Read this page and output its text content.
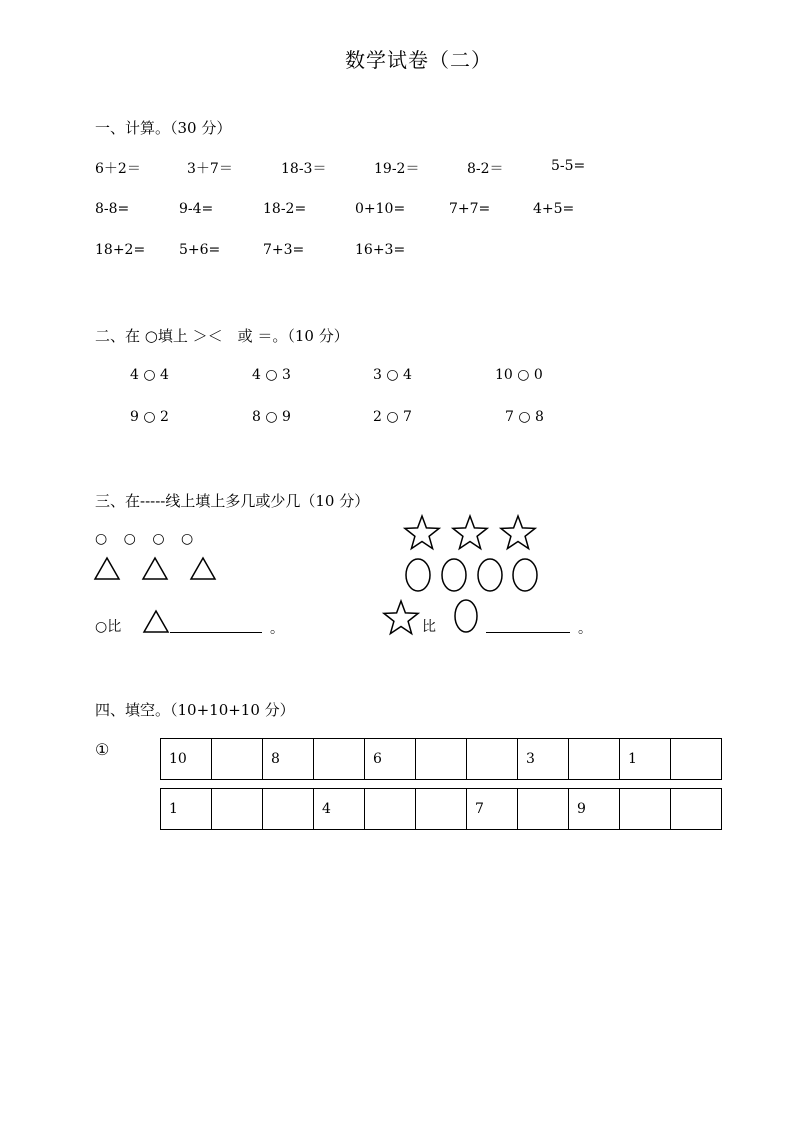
数学试卷（二）
一、计算。（30 分）
6＋2＝	3＋7＝	18-3＝	19-2＝	8-2＝	5-5=
8-8=	9-4=	18-2=	0+10=	7+7=	4+5=
18+2= 5+6=	7+3=	16+3=
二、在 ○填上 ＞＜　或 ＝。（10 分）
4 ○ 4	4 ○ 3	3 ○ 4	10 ○ 0
9 ○ 2	8 ○ 9	2 ○ 7	7 ○ 8
三、在-----线上填上多几或少几（10 分）
○ ○ ○ ○
○比	。	比	。
四、填空。（10+10+10 分）
①	10		8		6			3		1	
1			4			7		9		
